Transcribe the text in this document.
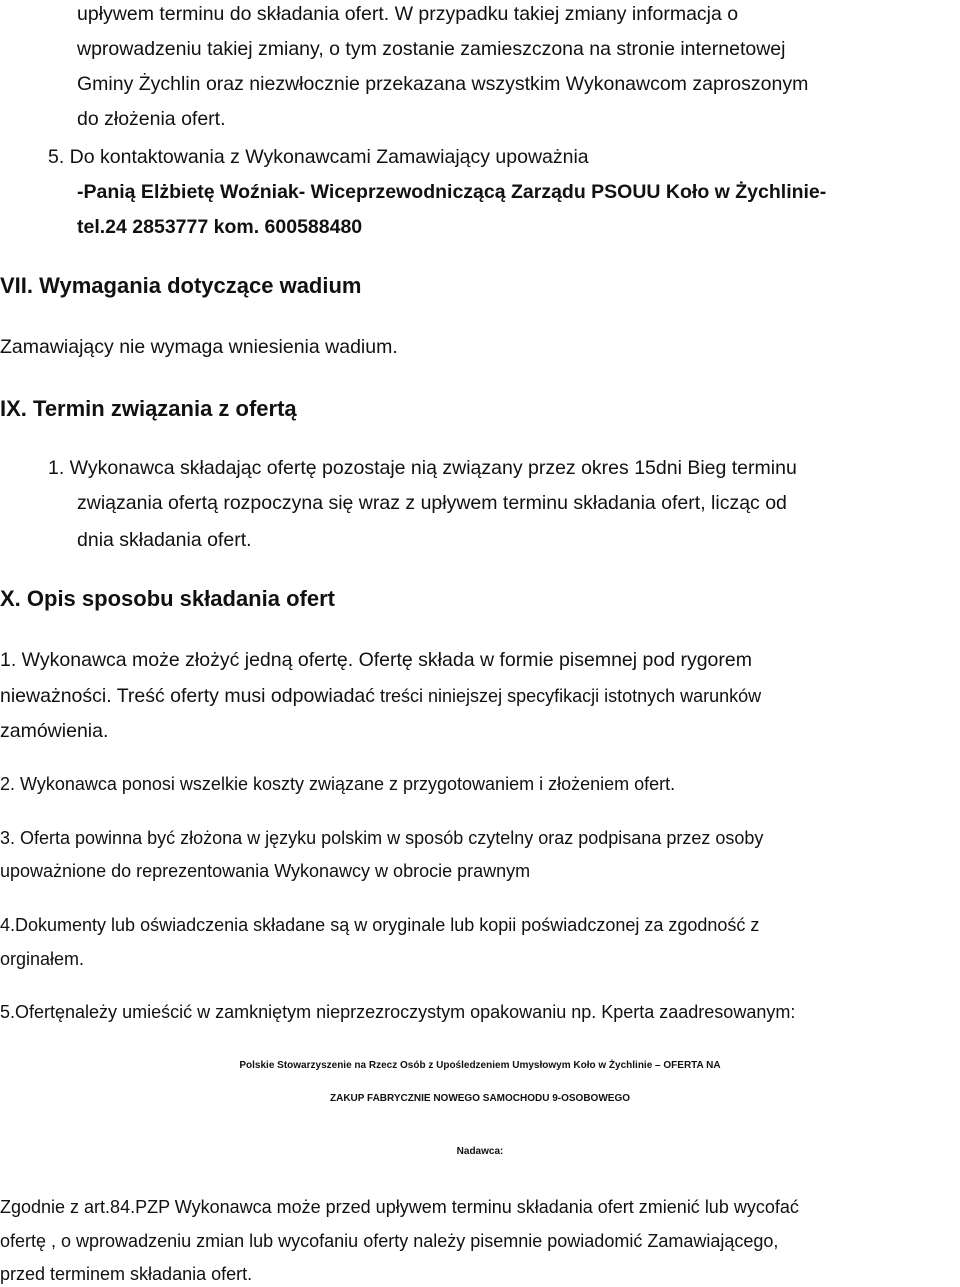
upływem terminu do składania ofert. W przypadku takiej zmiany informacja o
wprowadzeniu takiej zmiany, o tym zostanie zamieszczona na stronie internetowej
Gminy Żychlin oraz niezwłocznie przekazana wszystkim Wykonawcom zaproszonym
do złożenia ofert.
5. Do kontaktowania z Wykonawcami Zamawiający upoważnia
-Panią Elżbietę Woźniak- Wiceprzewodniczącą Zarządu PSOUU Koło w Żychlinie-
tel.24 2853777 kom. 600588480
VII. Wymagania dotyczące wadium
Zamawiający nie wymaga wniesienia wadium.
IX. Termin związania z ofertą
1. Wykonawca składając ofertę pozostaje nią związany przez okres 15dni Bieg terminu
związania ofertą rozpoczyna się wraz z upływem terminu składania ofert, licząc od
dnia składania ofert.
X. Opis sposobu składania ofert
1. Wykonawca może złożyć jedną ofertę. Ofertę składa w formie pisemnej pod rygorem
nieważności. Treść oferty musi odpowiadać treści niniejszej specyfikacji istotnych warunków
zamówienia.
2. Wykonawca ponosi wszelkie koszty związane z przygotowaniem i złożeniem ofert.
3. Oferta powinna być złożona w języku polskim w sposób czytelny oraz podpisana przez osoby
upoważnione do reprezentowania Wykonawcy w obrocie prawnym
4.Dokumenty lub oświadczenia składane są w oryginale lub kopii poświadczonej za zgodność z
orginałem.
5.Ofertęnależy umieścić w zamkniętym nieprzezroczystym opakowaniu np. Kperta zaadresowanym:
Polskie Stowarzyszenie na Rzecz Osób z Upośledzeniem Umysłowym Koło w Żychlinie – OFERTA NA
ZAKUP FABRYCZNIE NOWEGO SAMOCHODU 9-OSOBOWEGO
Nadawca:
Zgodnie z art.84.PZP Wykonawca może przed upływem terminu składania ofert zmienić lub wycofać
ofertę , o wprowadzeniu zmian lub wycofaniu oferty należy pisemnie powiadomić Zamawiającego,
przed terminem składania ofert.
